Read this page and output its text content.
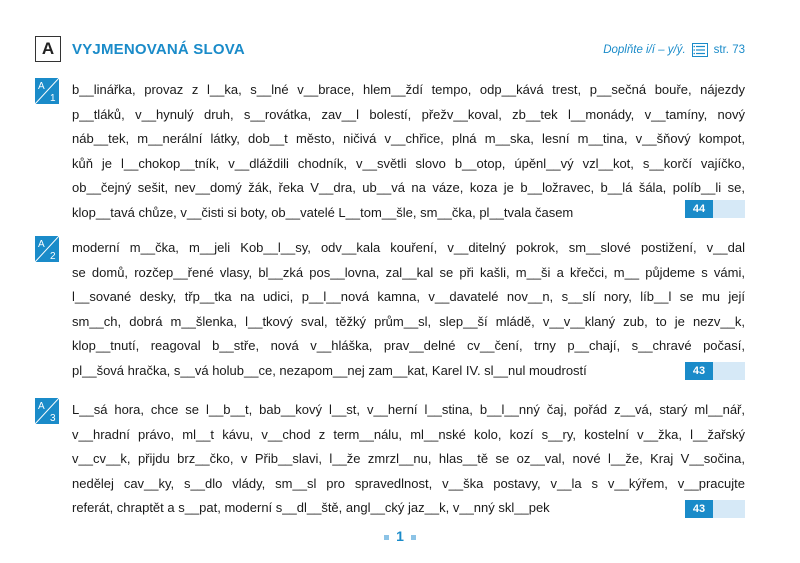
A	VYJMENOVANÁ SLOVA	Doplňte i/í – y/ý. str. 73
A
1
b__linářka, provaz z l__ka, s__lné v__brace, hlem__ždí tempo, odp__kává trest, p__sečná bouře, nájezdy
p__tláků, v__hynulý druh, s__rovátka, zav__l bolestí, přežv__koval, zb__tek l__monády, v__tamíny, nový
náb__tek, m__nerální látky, dob__t město, ničivá v__chřice, plná m__ska, lesní m__tina, v__šňový kompot,
kůň je l__chokop__tník, v__dláždili chodník, v__světli slovo b__otop, úpěnl__vý vzl__kot, s__korčí vajíčko,
ob__čejný sešit, nev__domý žák, řeka V__dra, ub__vá na váze, koza je b__ložravec, b__lá šála, políb__li se,
klop__tavá chůze, v__čisti si boty, ob__vatelé L__tom__šle, sm__čka, pl__tvala časem	44
A
2
moderní m__čka, m__jeli Kob__l__sy, odv__kala kouření, v__ditelný pokrok, sm__slové postižení, v__dal
se domů, rozčep__řené vlasy, bl__zká pos__lovna, zal__kal se při kašli, m__ši a křečci, m__ půjdeme s vámi,
l__sované desky, třp__tka na udici, p__l__nová kamna, v__davatelé nov__n, s__slí nory, líb__l se mu její
sm__ch, dobrá m__šlenka, l__tkový sval, těžký prům__sl, slep__ší mládě, v__v__klaný zub, to je nezv__k,
klop__tnutí, reagoval b__stře, nová v__hláška, prav__delné cv__čení, trny p__chají, s__chravé počasí,
pl__šová hračka, s__vá holub__ce, nezapom__nej zam__kat, Karel IV. sl__nul moudrostí	43
A
3
L__sá hora, chce se l__b__t, bab__kový l__st, v__herní l__stina, b__l__nný čaj, pořád z__vá, starý ml__nář,
v__hradní právo, ml__t kávu, v__chod z term__nálu, ml__nské kolo, kozí s__ry, kostelní v__žka, l__žařský
v__cv__k, přijdu brz__čko, v Přib__slavi, l__že zmrzl__nu, hlas__tě se oz__val, nové l__že, Kraj V__sočina,
nedělej cav__ky, s__dlo vlády, sm__sl pro spravedlnost, v__ška postavy, v__la s v__kýřem, v__pracujte
referát, chraptět a s__pat, moderní s__dl__ště, angl__cký jaz__k, v__nný skl__pek	43
1
